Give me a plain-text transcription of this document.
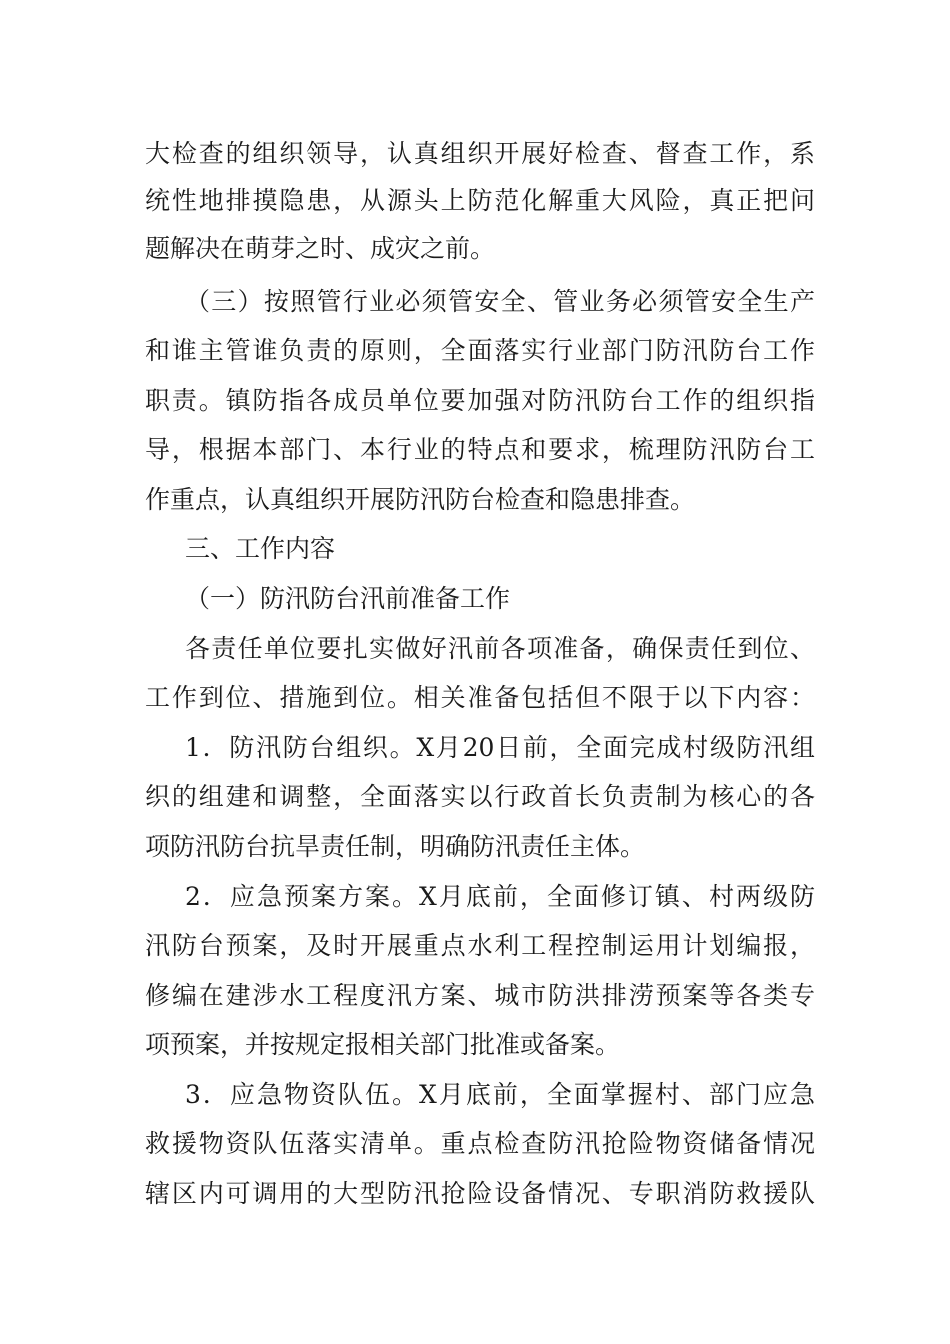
大检查的组织领导，认真组织开展好检查、督查工作，系
统性地排摸隐患，从源头上防范化解重大风险，真正把问
题解决在萌芽之时、成灾之前。
（三）按照管行业必须管安全、管业务必须管安全生产
和谁主管谁负责的原则，全面落实行业部门防汛防台工作
职责。镇防指各成员单位要加强对防汛防台工作的组织指
导，根据本部门、本行业的特点和要求，梳理防汛防台工
作重点，认真组织开展防汛防台检查和隐患排查。
三、工作内容
（一）防汛防台汛前准备工作
各责任单位要扎实做好汛前各项准备，确保责任到位、
工作到位、措施到位。相关准备包括但不限于以下内容：
1．防汛防台组织。X月20日前，全面完成村级防汛组
织的组建和调整，全面落实以行政首长负责制为核心的各
项防汛防台抗旱责任制，明确防汛责任主体。
2．应急预案方案。X月底前，全面修订镇、村两级防
汛防台预案，及时开展重点水利工程控制运用计划编报，
修编在建涉水工程度汛方案、城市防洪排涝预案等各类专
项预案，并按规定报相关部门批准或备案。
3．应急物资队伍。X月底前，全面掌握村、部门应急
救援物资队伍落实清单。重点检查防汛抢险物资储备情况
辖区内可调用的大型防汛抢险设备情况、专职消防救援队
